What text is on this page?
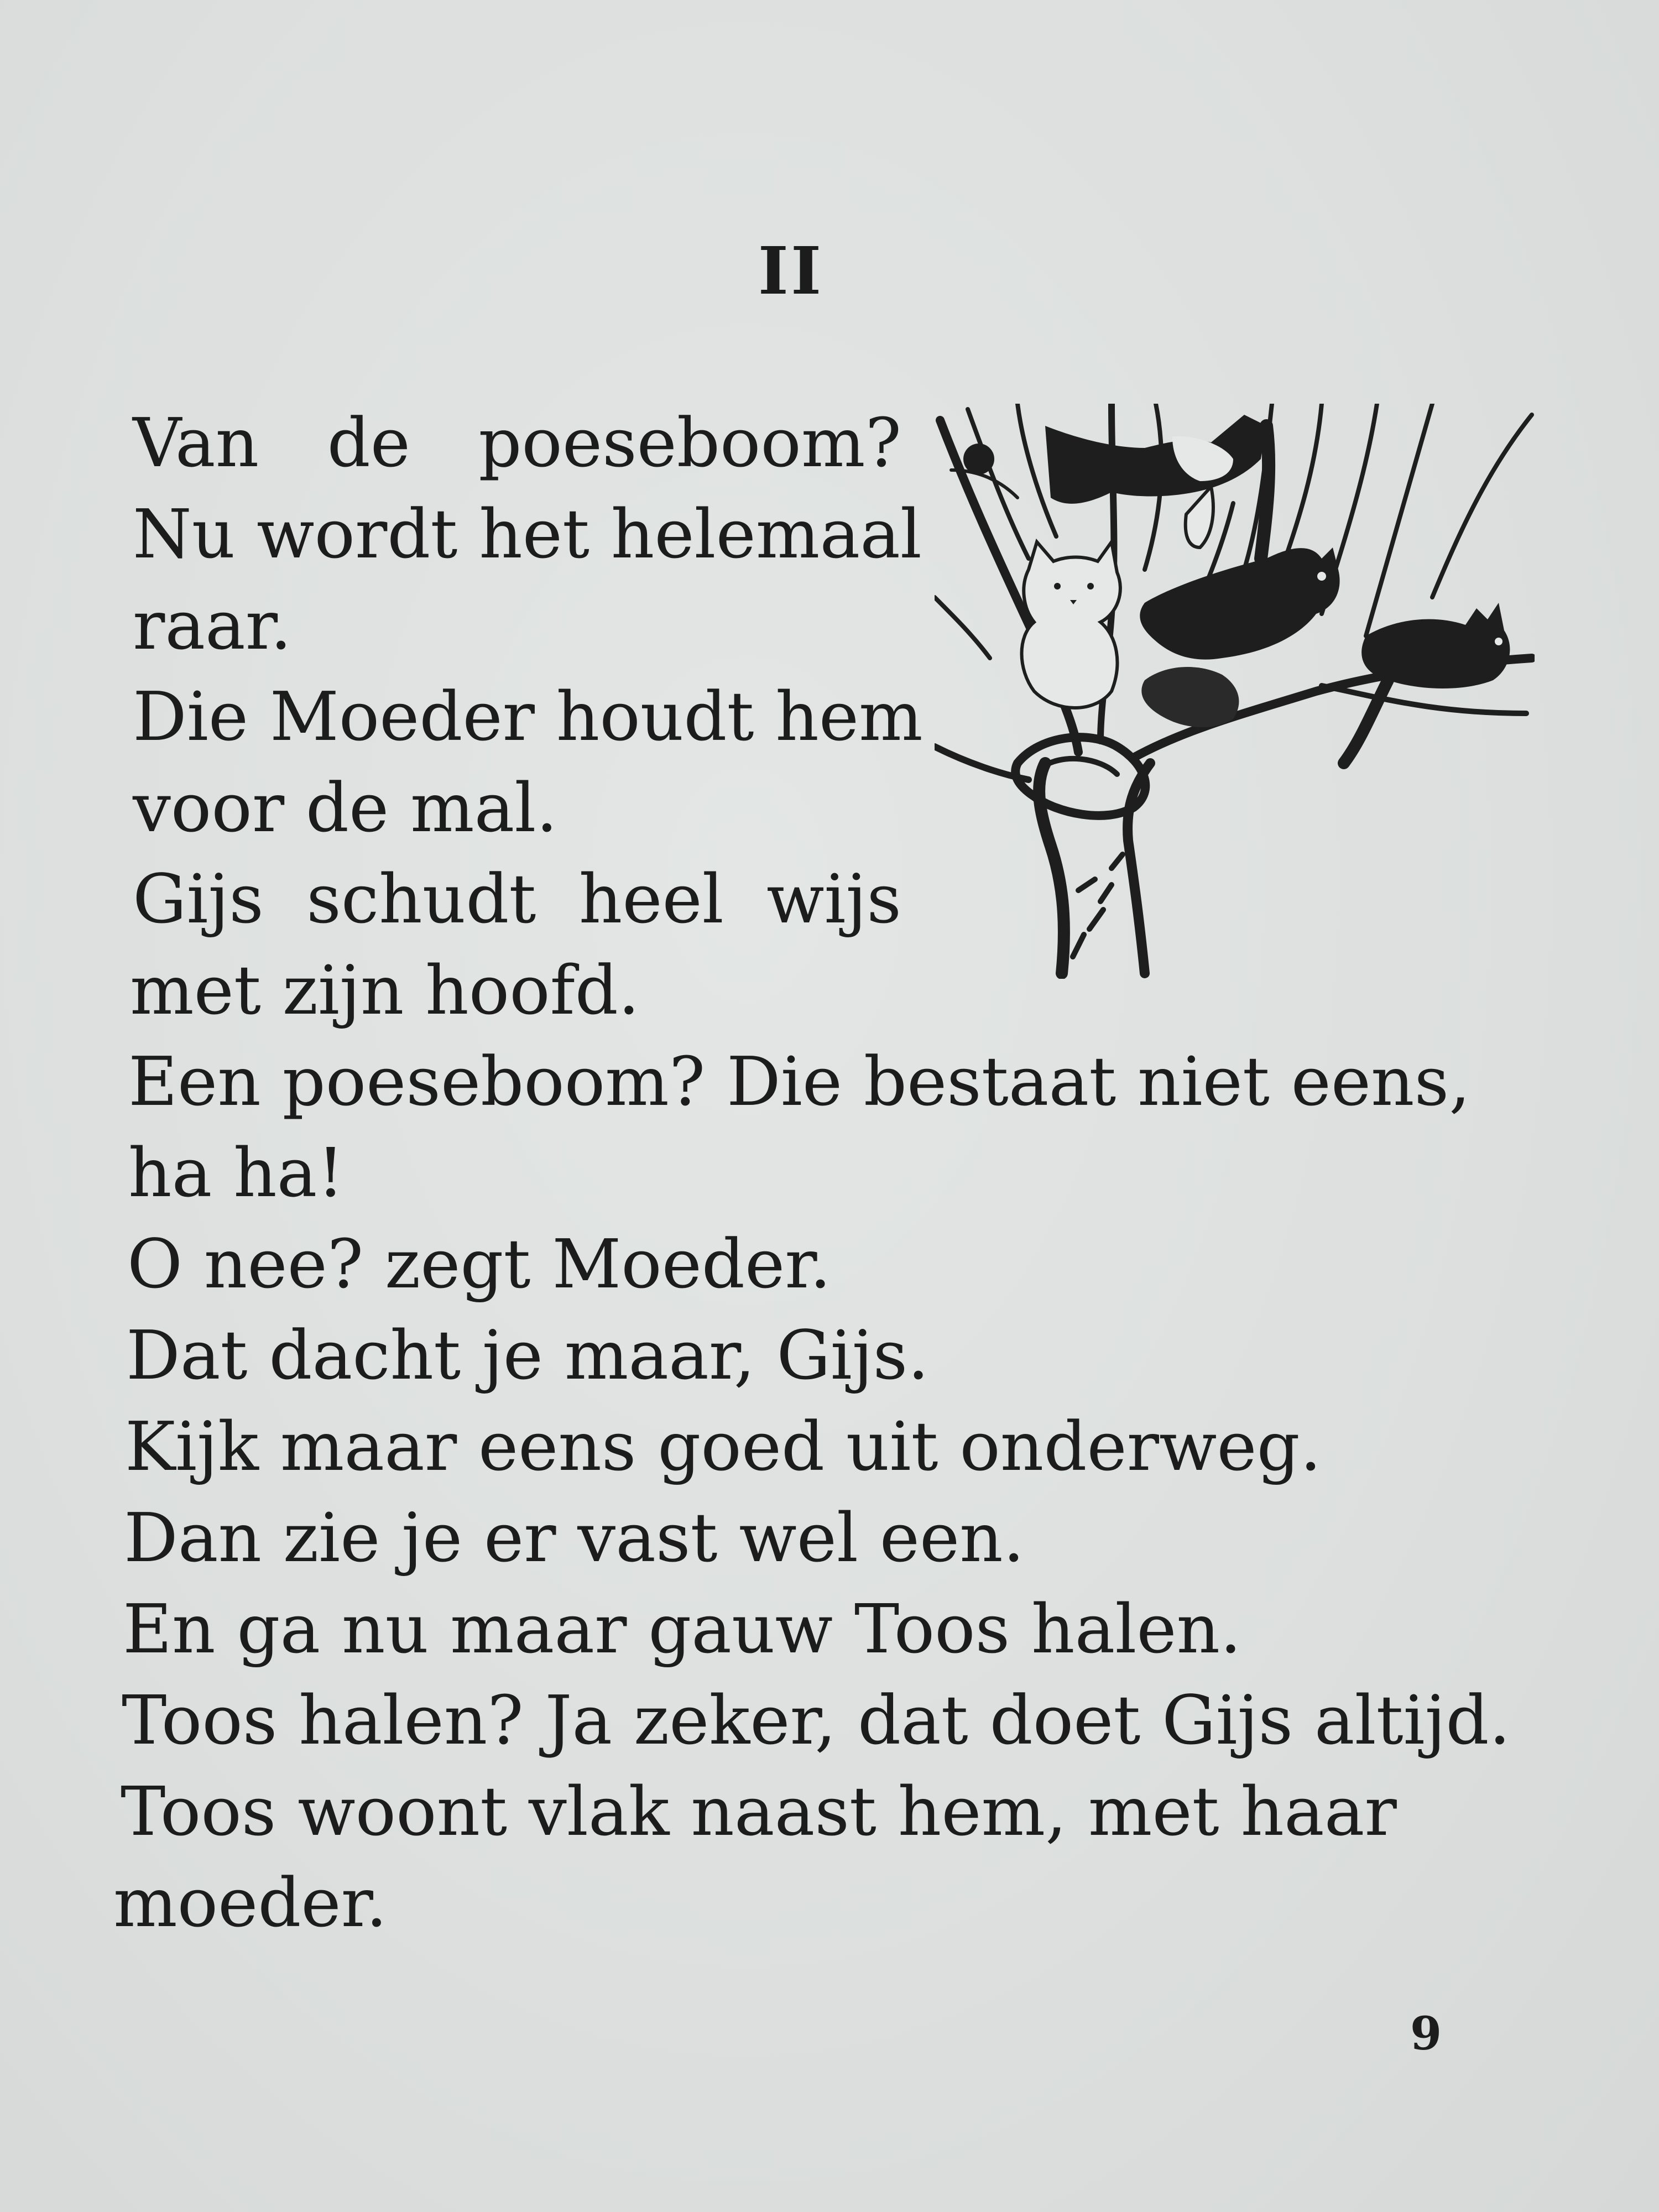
II
Van de poeseboom?
Nu wordt het helemaal
raar.
Die Moeder houdt hem
voor de mal.
Gijs schudt heel wijs
met zijn hoofd.
Een poeseboom? Die bestaat niet eens,
ha ha!
O nee? zegt Moeder.
Dat dacht je maar, Gijs.
Kijk maar eens goed uit onderweg.
Dan zie je er vast wel een.
En ga nu maar gauw Toos halen.
Toos halen? Ja zeker, dat doet Gijs altijd.
Toos woont vlak naast hem, met haar
moeder.
9
